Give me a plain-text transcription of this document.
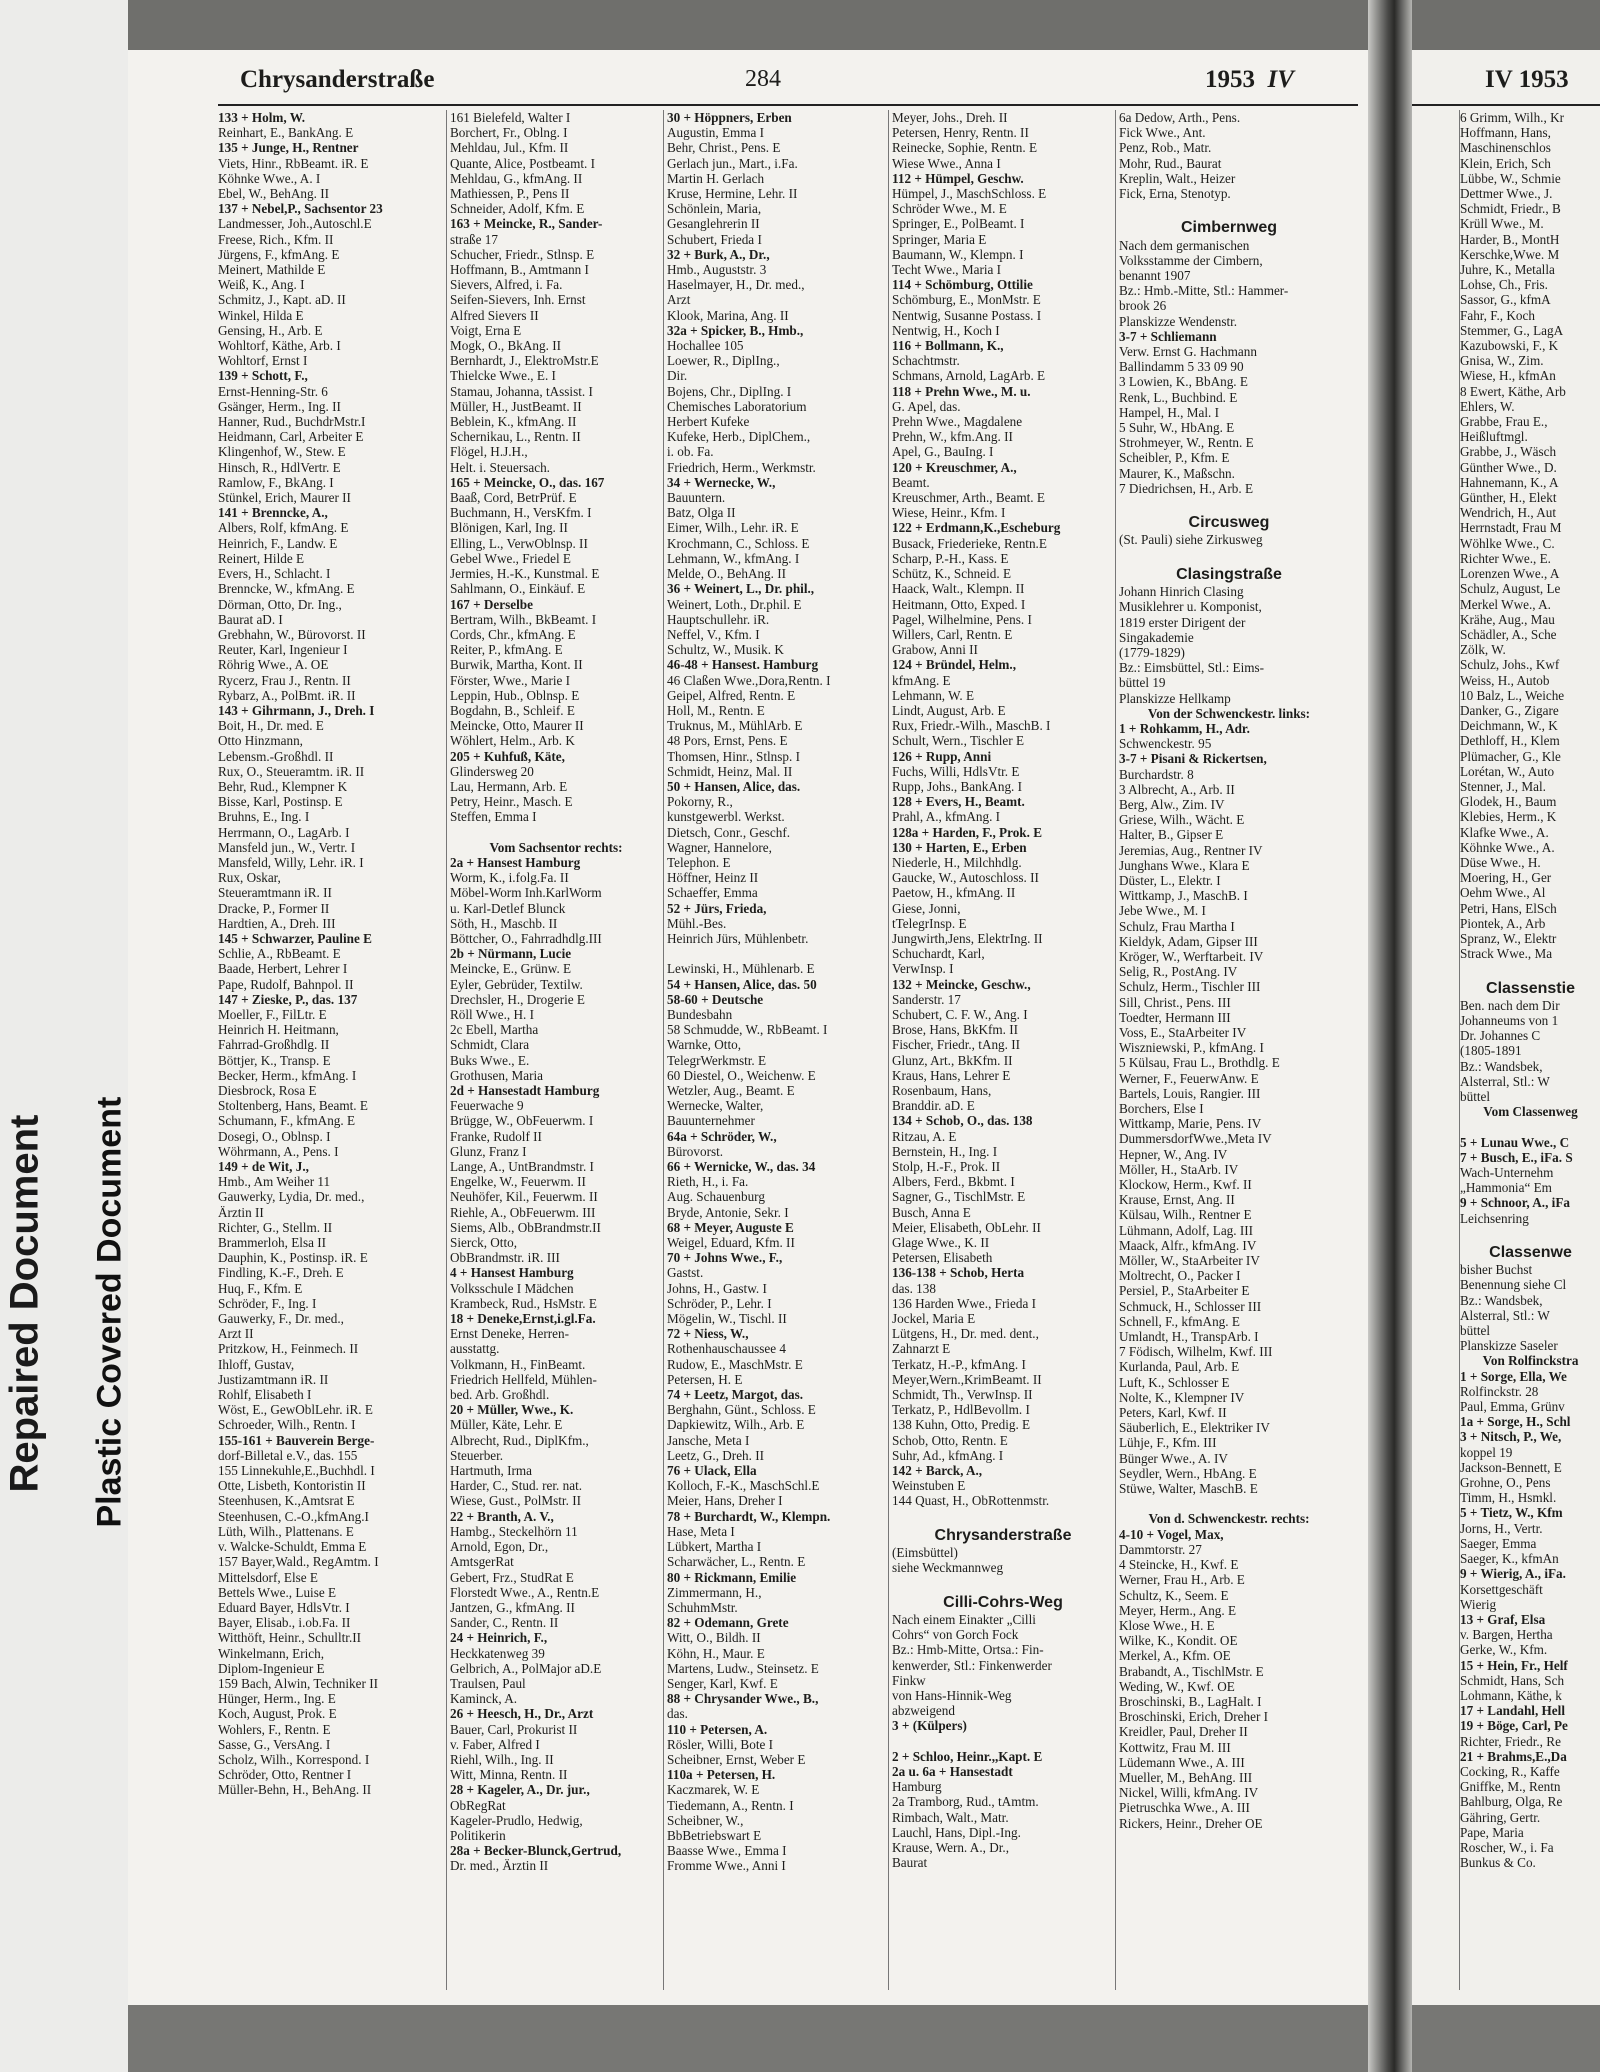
Repaired Document Plastic Covered Document
Chrysanderstraße	284	1953 IV	IV 1953
133 + Holm, W.
Reinhart, E., BankAng. E
135 + Junge, H., Rentner
Viets, Hinr., RbBeamt. iR. E
Köhnke Wwe., A. I
Ebel, W., BehAng. II
137 + Nebel,P., Sachsentor 23
Landmesser, Joh.,Autoschl.E
Freese, Rich., Kfm. II
Jürgens, F., kfmAng. E
Meinert, Mathilde E
Weiß, K., Ang. I
Schmitz, J., Kapt. aD. II
Winkel, Hilda E
Gensing, H., Arb. E
Wohltorf, Käthe, Arb. I
Wohltorf, Ernst I
139 + Schott, F.,
Ernst-Henning-Str. 6
Gsänger, Herm., Ing. II
Hanner, Rud., BuchdrMstr.I
Heidmann, Carl, Arbeiter E
Klingenhof, W., Stew. E
Hinsch, R., HdlVertr. E
Ramlow, F., BkAng. I
Stünkel, Erich, Maurer II
141 + Brenncke, A.,
Albers, Rolf, kfmAng. E
Heinrich, F., Landw. E
Reinert, Hilde E
Evers, H., Schlacht. I
Brenncke, W., kfmAng. E
Dörman, Otto, Dr. Ing.,
Baurat aD. I
Grebhahn, W., Bürovorst. II
Reuter, Karl, Ingenieur I
Röhrig Wwe., A. OE
Rycerz, Frau J., Rentn. II
Rybarz, A., PolBmt. iR. II
143 + Gihrmann, J., Dreh. I
Boit, H., Dr. med. E
Otto Hinzmann,
Lebensm.-Großhdl. II
Rux, O., Steueramtm. iR. II
Behr, Rud., Klempner K
Bisse, Karl, Postinsp. E
Bruhns, E., Ing. I
Herrmann, O., LagArb. I
Mansfeld jun., W., Vertr. I
Mansfeld, Willy, Lehr. iR. I
Rux, Oskar,
Steueramtmann iR. II
Dracke, P., Former II
Hardtien, A., Dreh. III
145 + Schwarzer, Pauline E
Schlie, A., RbBeamt. E
Baade, Herbert, Lehrer I
Pape, Rudolf, Bahnpol. II
147 + Zieske, P., das. 137
Moeller, F., FilLtr. E
Heinrich H. Heitmann,
Fahrrad-Großhdlg. II
Böttjer, K., Transp. E
Becker, Herm., kfmAng. I
Diesbrock, Rosa E
Stoltenberg, Hans, Beamt. E
Schumann, F., kfmAng. E
Dosegi, O., Oblnsp. I
Wöhrmann, A., Pens. I
149 + de Wit, J.,
Hmb., Am Weiher 11
Gauwerky, Lydia, Dr. med.,
Ärztin II
Richter, G., Stellm. II
Brammerloh, Elsa II
Dauphin, K., Postinsp. iR. E
Findling, K.-F., Dreh. E
Huq, F., Kfm. E
Schröder, F., Ing. I
Gauwerky, F., Dr. med.,
Arzt II
Pritzkow, H., Feinmech. II
Ihloff, Gustav,
Justizamtmann iR. II
Rohlf, Elisabeth I
Wöst, E., GewOblLehr. iR. E
Schroeder, Wilh., Rentn. I
155-161 + Bauverein Berge-
dorf-Billetal e.V., das. 155
155 Linnekuhle,E.,Buchhdl. I
Otte, Lisbeth, Kontoristin II
Steenhusen, K.,Amtsrat E
Steenhusen, C.-O.,kfmAng.I
Lüth, Wilh., Plattenans. E
v. Walcke-Schuldt, Emma E
157 Bayer,Wald., RegAmtm. I
Mittelsdorf, Else E
Bettels Wwe., Luise E
Eduard Bayer, HdlsVtr. I
Bayer, Elisab., i.ob.Fa. II
Witthöft, Heinr., Schulltr.II
Winkelmann, Erich,
Diplom-Ingenieur E
159 Bach, Alwin, Techniker II
Hünger, Herm., Ing. E
Koch, August, Prok. E
Wohlers, F., Rentn. E
Sasse, G., VersAng. I
Scholz, Wilh., Korrespond. I
Schröder, Otto, Rentner I
Müller-Behn, H., BehAng. II
161 Bielefeld, Walter I
Borchert, Fr., Oblng. I
Mehldau, Jul., Kfm. II
Quante, Alice, Postbeamt. I
Mehldau, G., kfmAng. II
Mathiessen, P., Pens II
Schneider, Adolf, Kfm. E
163 + Meincke, R., Sander-
straße 17
Schucher, Friedr., Stlnsp. E
Hoffmann, B., Amtmann I
Sievers, Alfred, i. Fa.
Seifen-Sievers, Inh. Ernst
Alfred Sievers II
Voigt, Erna E
Mogk, O., BkAng. II
Bernhardt, J., ElektroMstr.E
Thielcke Wwe., E. I
Stamau, Johanna, tAssist. I
Müller, H., JustBeamt. II
Beblein, K., kfmAng. II
Schernikau, L., Rentn. II
Flögel, H.J.H.,
Helt. i. Steuersach.
165 + Meincke, O., das. 167
Baaß, Cord, BetrPrüf. E
Buchmann, H., VersKfm. I
Blönigen, Karl, Ing. II
Elling, L., VerwOblnsp. II
Gebel Wwe., Friedel E
Jermies, H.-K., Kunstmal. E
Sahlmann, O., Einkäuf. E
167 + Derselbe
Bertram, Wilh., BkBeamt. I
Cords, Chr., kfmAng. E
Reiter, P., kfmAng. E
Burwik, Martha, Kont. II
Förster, Wwe., Marie I
Leppin, Hub., Oblnsp. E
Bogdahn, B., Schleif. E
Meincke, Otto, Maurer II
Wöhlert, Helm., Arb. K
205 + Kuhfuß, Käte,
Glindersweg 20
Lau, Hermann, Arb. E
Petry, Heinr., Masch. E
Steffen, Emma I

Vom Sachsentor rechts:
2a + Hansest Hamburg
Worm, K., i.folg.Fa. II
Möbel-Worm Inh.KarlWorm
u. Karl-Detlef Blunck
Söth, H., Maschb. II
Böttcher, O., Fahrradhdlg.III
2b + Nürmann, Lucie
Meincke, E., Grünw. E
Eyler, Gebrüder, Textilw.
Drechsler, H., Drogerie E
Röll Wwe., H. I
2c Ebell, Martha
Schmidt, Clara
Buks Wwe., E.
Grothusen, Maria
2d + Hansestadt Hamburg
Feuerwache 9
Brügge, W., ObFeuerwm. I
Franke, Rudolf II
Glunz, Franz I
Lange, A., UntBrandmstr. I
Engelke, W., Feuerwm. II
Neuhöfer, Kil., Feuerwm. II
Riehle, A., ObFeuerwm. III
Siems, Alb., ObBrandmstr.II
Sierck, Otto,
ObBrandmstr. iR. III
4 + Hansest Hamburg
Volksschule I Mädchen
Krambeck, Rud., HsMstr. E
18 + Deneke,Ernst,i.gl.Fa.
Ernst Deneke, Herren-
ausstattg.
Volkmann, H., FinBeamt.
Friedrich Hellfeld, Mühlen-
bed. Arb. Großhdl.
20 + Müller, Wwe., K.
Müller, Käte, Lehr. E
Albrecht, Rud., DiplKfm.,
Steuerber.
Hartmuth, Irma
Harder, C., Stud. rer. nat.
Wiese, Gust., PolMstr. II
22 + Branth, A. V.,
Hambg., Steckelhörn 11
Arnold, Egon, Dr.,
AmtsgerRat
Gebert, Frz., StudRat E
Florstedt Wwe., A., Rentn.E
Jantzen, G., kfmAng. II
Sander, C., Rentn. II
24 + Heinrich, F.,
Heckkatenweg 39
Gelbrich, A., PolMajor aD.E
Traulsen, Paul
Kaminck, A.
26 + Heesch, H., Dr., Arzt
Bauer, Carl, Prokurist II
v. Faber, Alfred I
Riehl, Wilh., Ing. II
Witt, Minna, Rentn. II
28 + Kageler, A., Dr. jur.,
ObRegRat
Kageler-Prudlo, Hedwig,
Politikerin
28a + Becker-Blunck,Gertrud,
Dr. med., Ärztin II
30 + Höppners, Erben
Augustin, Emma I
Behr, Christ., Pens. E
Gerlach jun., Mart., i.Fa.
Martin H. Gerlach
Kruse, Hermine, Lehr. II
Schönlein, Maria,
Gesanglehrerin II
Schubert, Frieda I
32 + Burk, A., Dr.,
Hmb., Auguststr. 3
Haselmayer, H., Dr. med.,
Arzt
Klook, Marina, Ang. II
32a + Spicker, B., Hmb.,
Hochallee 105
Loewer, R., DiplIng.,
Dir.
Bojens, Chr., DiplIng. I
Chemisches Laboratorium
Herbert Kufeke
Kufeke, Herb., DiplChem.,
i. ob. Fa.
Friedrich, Herm., Werkmstr.
34 + Wernecke, W.,
Bauuntern.
Batz, Olga II
Eimer, Wilh., Lehr. iR. E
Krochmann, C., Schloss. E
Lehmann, W., kfmAng. I
Melde, O., BehAng. II
36 + Weinert, L., Dr. phil.,
Weinert, Loth., Dr.phil. E
Hauptschullehr. iR.
Neffel, V., Kfm. I
Schultz, W., Musik. K
46-48 + Hansest. Hamburg
46 Claßen Wwe.,Dora,Rentn. I
Geipel, Alfred, Rentn. E
Holl, M., Rentn. E
Truknus, M., MühlArb. E
48 Pors, Ernst, Pens. E
Thomsen, Hinr., Stlnsp. I
Schmidt, Heinz, Mal. II
50 + Hansen, Alice, das.
Pokorny, R.,
kunstgewerbl. Werkst.
Dietsch, Conr., Geschf.
Wagner, Hannelore,
Telephon. E
Höffner, Heinz II
Schaeffer, Emma
52 + Jürs, Frieda,
Mühl.-Bes.
Heinrich Jürs, Mühlenbetr.

Lewinski, H., Mühlenarb. E
54 + Hansen, Alice, das. 50
58-60 + Deutsche
Bundesbahn
58 Schmudde, W., RbBeamt. I
Warnke, Otto,
TelegrWerkmstr. E
60 Diestel, O., Weichenw. E
Wetzler, Aug., Beamt. E
Wernecke, Walter,
Bauunternehmer
64a + Schröder, W.,
Bürovorst.
66 + Wernicke, W., das. 34
Rieth, H., i. Fa.
Aug. Schauenburg
Bryde, Antonie, Sekr. I
68 + Meyer, Auguste E
Weigel, Eduard, Kfm. II
70 + Johns Wwe., F.,
Gastst.
Johns, H., Gastw. I
Schröder, P., Lehr. I
Mögelin, W., Tischl. II
72 + Niess, W.,
Rothenhauschaussee 4
Rudow, E., MaschMstr. E
Petersen, H. E
74 + Leetz, Margot, das.
Berghahn, Günt., Schloss. E
Dapkiewitz, Wilh., Arb. E
Jansche, Meta I
Leetz, G., Dreh. II
76 + Ulack, Ella
Kolloch, F.-K., MaschSchl.E
Meier, Hans, Dreher I
78 + Burchardt, W., Klempn.
Hase, Meta I
Lübkert, Martha I
Scharwächer, L., Rentn. E
80 + Rickmann, Emilie
Zimmermann, H.,
SchuhmMstr.
82 + Odemann, Grete
Witt, O., Bildh. II
Köhn, H., Maur. E
Martens, Ludw., Steinsetz. E
Senger, Karl, Kwf. E
88 + Chrysander Wwe., B.,
das.
110 + Petersen, A.
Rösler, Willi, Bote I
Scheibner, Ernst, Weber E
110a + Petersen, H.
Kaczmarek, W. E
Tiedemann, A., Rentn. I
Scheibner, W.,
BbBetriebswart E
Baasse Wwe., Emma I
Fromme Wwe., Anni I
Meyer, Johs., Dreh. II
Petersen, Henry, Rentn. II
Reinecke, Sophie, Rentn. E
Wiese Wwe., Anna I
112 + Hümpel, Geschw.
Hümpel, J., MaschSchloss. E
Schröder Wwe., M. E
Springer, E., PolBeamt. I
Springer, Maria E
Baumann, W., Klempn. I
Techt Wwe., Maria I
114 + Schömburg, Ottilie
Schömburg, E., MonMstr. E
Nentwig, Susanne Postass. I
Nentwig, H., Koch I
116 + Bollmann, K.,
Schachtmstr.
Schmans, Arnold, LagArb. E
118 + Prehn Wwe., M. u.
G. Apel, das.
Prehn Wwe., Magdalene
Prehn, W., kfm.Ang. II
Apel, G., BauIng. I
120 + Kreuschmer, A.,
Beamt.
Kreuschmer, Arth., Beamt. E
Wiese, Heinr., Kfm. I
122 + Erdmann,K.,Escheburg
Busack, Friederieke, Rentn.E
Scharp, P.-H., Kass. E
Schütz, K., Schneid. E
Haack, Walt., Klempn. II
Heitmann, Otto, Exped. I
Pagel, Wilhelmine, Pens. I
Willers, Carl, Rentn. E
Grabow, Anni II
124 + Bründel, Helm.,
kfmAng. E
Lehmann, W. E
Lindt, August, Arb. E
Rux, Friedr.-Wilh., MaschB. I
Schult, Wern., Tischler E
126 + Rupp, Anni
Fuchs, Willi, HdlsVtr. E
Rupp, Johs., BankAng. I
128 + Evers, H., Beamt.
Prahl, A., kfmAng. I
128a + Harden, F., Prok. E
130 + Harten, E., Erben
Niederle, H., Milchhdlg.
Gaucke, W., Autoschloss. II
Paetow, H., kfmAng. II
Giese, Jonni,
tTelegrInsp. E
Jungwirth,Jens, ElektrIng. II
Schuchardt, Karl,
VerwInsp. I
132 + Meincke, Geschw.,
Sanderstr. 17
Schubert, C. F. W., Ang. I
Brose, Hans, BkKfm. II
Fischer, Friedr., tAng. II
Glunz, Art., BkKfm. II
Kraus, Hans, Lehrer E
Rosenbaum, Hans,
Branddir. aD. E
134 + Schob, O., das. 138
Ritzau, A. E
Bernstein, H., Ing. I
Stolp, H.-F., Prok. II
Albers, Ferd., Bkbmt. I
Sagner, G., TischlMstr. E
Busch, Anna E
Meier, Elisabeth, ObLehr. II
Glage Wwe., K. II
Petersen, Elisabeth
136-138 + Schob, Herta
das. 138
136 Harden Wwe., Frieda I
Jockel, Maria E
Lütgens, H., Dr. med. dent.,
Zahnarzt E
Terkatz, H.-P., kfmAng. I
Meyer,Wern.,KrimBeamt. II
Schmidt, Th., VerwInsp. II
Terkatz, P., HdlBevollm. I
138 Kuhn, Otto, Predig. E
Schob, Otto, Rentn. E
Suhr, Ad., kfmAng. I
142 + Barck, A.,
Weinstuben E
144 Quast, H., ObRottenmstr.

Chrysanderstraße
(Eimsbüttel)
siehe Weckmannweg

Cilli-Cohrs-Weg
Nach einem Einakter „Cilli
Cohrs“ von Gorch Fock
Bz.: Hmb-Mitte, Ortsa.: Fin-
kenwerder, Stl.: Finkenwerder
Finkw
von Hans-Hinnik-Weg
abzweigend
3 + (Külpers)

2 + Schloo, Heinr.,,Kapt. E
2a u. 6a + Hansestadt
Hamburg
2a Tramborg, Rud., tAmtm.
Rimbach, Walt., Matr.
Lauchl, Hans, Dipl.-Ing.
Krause, Wern. A., Dr.,
Baurat
6a Dedow, Arth., Pens.
Fick Wwe., Ant.
Penz, Rob., Matr.
Mohr, Rud., Baurat
Kreplin, Walt., Heizer
Fick, Erna, Stenotyp.

Cimbernweg
Nach dem germanischen
Volksstamme der Cimbern,
benannt 1907
Bz.: Hmb.-Mitte, Stl.: Hammer-
brook 26
Planskizze Wendenstr.
3-7 + Schliemann
Verw. Ernst G. Hachmann
Ballindamm 5 33 09 90
3 Lowien, K., BbAng. E
Renk, L., Buchbind. E
Hampel, H., Mal. I
5 Suhr, W., HbAng. E
Strohmeyer, W., Rentn. E
Scheibler, P., Kfm. E
Maurer, K., Maßschn.
7 Diedrichsen, H., Arb. E

Circusweg
(St. Pauli) siehe Zirkusweg

Clasingstraße
Johann Hinrich Clasing
Musiklehrer u. Komponist,
1819 erster Dirigent der
Singakademie
(1779-1829)
Bz.: Eimsbüttel, Stl.: Eims-
büttel 19
Planskizze Hellkamp
Von der Schwenckestr. links:
1 + Rohkamm, H., Adr.
Schwenckestr. 95
3-7 + Pisani & Rickertsen,
Burchardstr. 8
3 Albrecht, A., Arb. II
Berg, Alw., Zim. IV
Griese, Wilh., Wächt. E
Halter, B., Gipser E
Jeremias, Aug., Rentner IV
Junghans Wwe., Klara E
Düster, L., Elektr. I
Wittkamp, J., MaschB. I
Jebe Wwe., M. I
Schulz, Frau Martha I
Kieldyk, Adam, Gipser III
Kröger, W., Werftarbeit. IV
Selig, R., PostAng. IV
Schulz, Herm., Tischler III
Sill, Christ., Pens. III
Toedter, Hermann III
Voss, E., StaArbeiter IV
Wiszniewski, P., kfmAng. I
5 Külsau, Frau L., Brothdlg. E
Werner, F., FeuerwAnw. E
Bartels, Louis, Rangier. III
Borchers, Else I
Wittkamp, Marie, Pens. IV
DummersdorfWwe.,Meta IV
Hepner, W., Ang. IV
Möller, H., StaArb. IV
Klockow, Herm., Kwf. II
Krause, Ernst, Ang. II
Külsau, Wilh., Rentner E
Lühmann, Adolf, Lag. III
Maack, Alfr., kfmAng. IV
Möller, W., StaArbeiter IV
Moltrecht, O., Packer I
Persiel, P., StaArbeiter E
Schmuck, H., Schlosser III
Schnell, F., kfmAng. E
Umlandt, H., TranspArb. I
7 Födisch, Wilhelm, Kwf. III
Kurlanda, Paul, Arb. E
Luft, K., Schlosser E
Nolte, K., Klempner IV
Peters, Karl, Kwf. II
Säuberlich, E., Elektriker IV
Lühje, F., Kfm. III
Bünger Wwe., A. IV
Seydler, Wern., HbAng. E
Stüwe, Walter, MaschB. E

Von d. Schwenckestr. rechts:
4-10 + Vogel, Max,
Dammtorstr. 27
4 Steincke, H., Kwf. E
Werner, Frau H., Arb. E
Schultz, K., Seem. E
Meyer, Herm., Ang. E
Klose Wwe., H. E
Wilke, K., Kondit. OE
Merkel, A., Kfm. OE
Brabandt, A., TischlMstr. E
Weding, W., Kwf. OE
Broschinski, B., LagHalt. I
Broschinski, Erich, Dreher I
Kreidler, Paul, Dreher II
Kottwitz, Frau M. III
Lüdemann Wwe., A. III
Mueller, M., BehAng. III
Nickel, Willi, kfmAng. IV
Pietruschka Wwe., A. III
Rickers, Heinr., Dreher OE
6 Grimm, Wilh., Kr
Hoffmann, Hans,
Maschinenschlos
Klein, Erich, Sch
Lübbe, W., Schmie
Dettmer Wwe., J.
Schmidt, Friedr., B
Krüll Wwe., M.
Harder, B., MontH
Kerschke,Wwe. M
Juhre, K., Metalla
Lohse, Ch., Fris.
Sassor, G., kfmA
Fahr, F., Koch
Stemmer, G., LagA
Kazubowski, F., K
Gnisa, W., Zim.
Wiese, H., kfmAn
8 Ewert, Käthe, Arb
Ehlers, W.
Grabbe, Frau E.,
Heißluftmgl.
Grabbe, J., Wäsch
Günther Wwe., D.
Hahnemann, K., A
Günther, H., Elekt
Wendrich, H., Aut
Herrnstadt, Frau M
Wöhlke Wwe., C.
Richter Wwe., E.
Lorenzen Wwe., A
Schulz, August, Le
Merkel Wwe., A.
Krähe, Aug., Mau
Schädler, A., Sche
Zölk, W.
Schulz, Johs., Kwf
Weiss, H., Autob
10 Balz, L., Weiche
Danker, G., Zigare
Deichmann, W., K
Dethloff, H., Klem
Plümacher, G., Kle
Lorétan, W., Auto
Stenner, J., Mal.
Glodek, H., Baum
Klebies, Herm., K
Klafke Wwe., A.
Köhnke Wwe., A.
Düse Wwe., H.
Moering, H., Ger
Oehm Wwe., Al
Petri, Hans, ElSch
Piontek, A., Arb
Spranz, W., Elektr
Strack Wwe., Ma

Classenstie
Ben. nach dem Dir
Johanneums von 1
Dr. Johannes C
(1805-1891
Bz.: Wandsbek,
Alsterral, Stl.: W
büttel
Vom Classenweg

5 + Lunau Wwe., C
7 + Busch, E., iFa. S
Wach-Unternehm
„Hammonia“ Em
9 + Schnoor, A., iFa
Leichsenring

Classenwe
bisher Buchst
Benennung siehe Cl
Bz.: Wandsbek,
Alsterral, Stl.: W
büttel
Planskizze Saseler
Von Rolfinckstra
1 + Sorge, Ella, We
Rolfinckstr. 28
Paul, Emma, Grünv
1a + Sorge, H., Schl
3 + Nitsch, P., We,
koppel 19
Jackson-Bennett, E
Grohne, O., Pens
Timm, H., Hsmkl.
5 + Tietz, W., Kfm
Jorns, H., Vertr.
Saeger, Emma
Saeger, K., kfmAn
9 + Wierig, A., iFa.
Korsettgeschäft
Wierig
13 + Graf, Elsa
v. Bargen, Hertha
Gerke, W., Kfm.
15 + Hein, Fr., Helf
Schmidt, Hans, Sch
Lohmann, Käthe, k
17 + Landahl, Hell
19 + Böge, Carl, Pe
Richter, Friedr., Re
21 + Brahms,E.,Da
Cocking, R., Kaffe
Gniffke, M., Rentn
Bahlburg, Olga, Re
Gähring, Gertr.
Pape, Maria
Roscher, W., i. Fa
Bunkus & Co.
